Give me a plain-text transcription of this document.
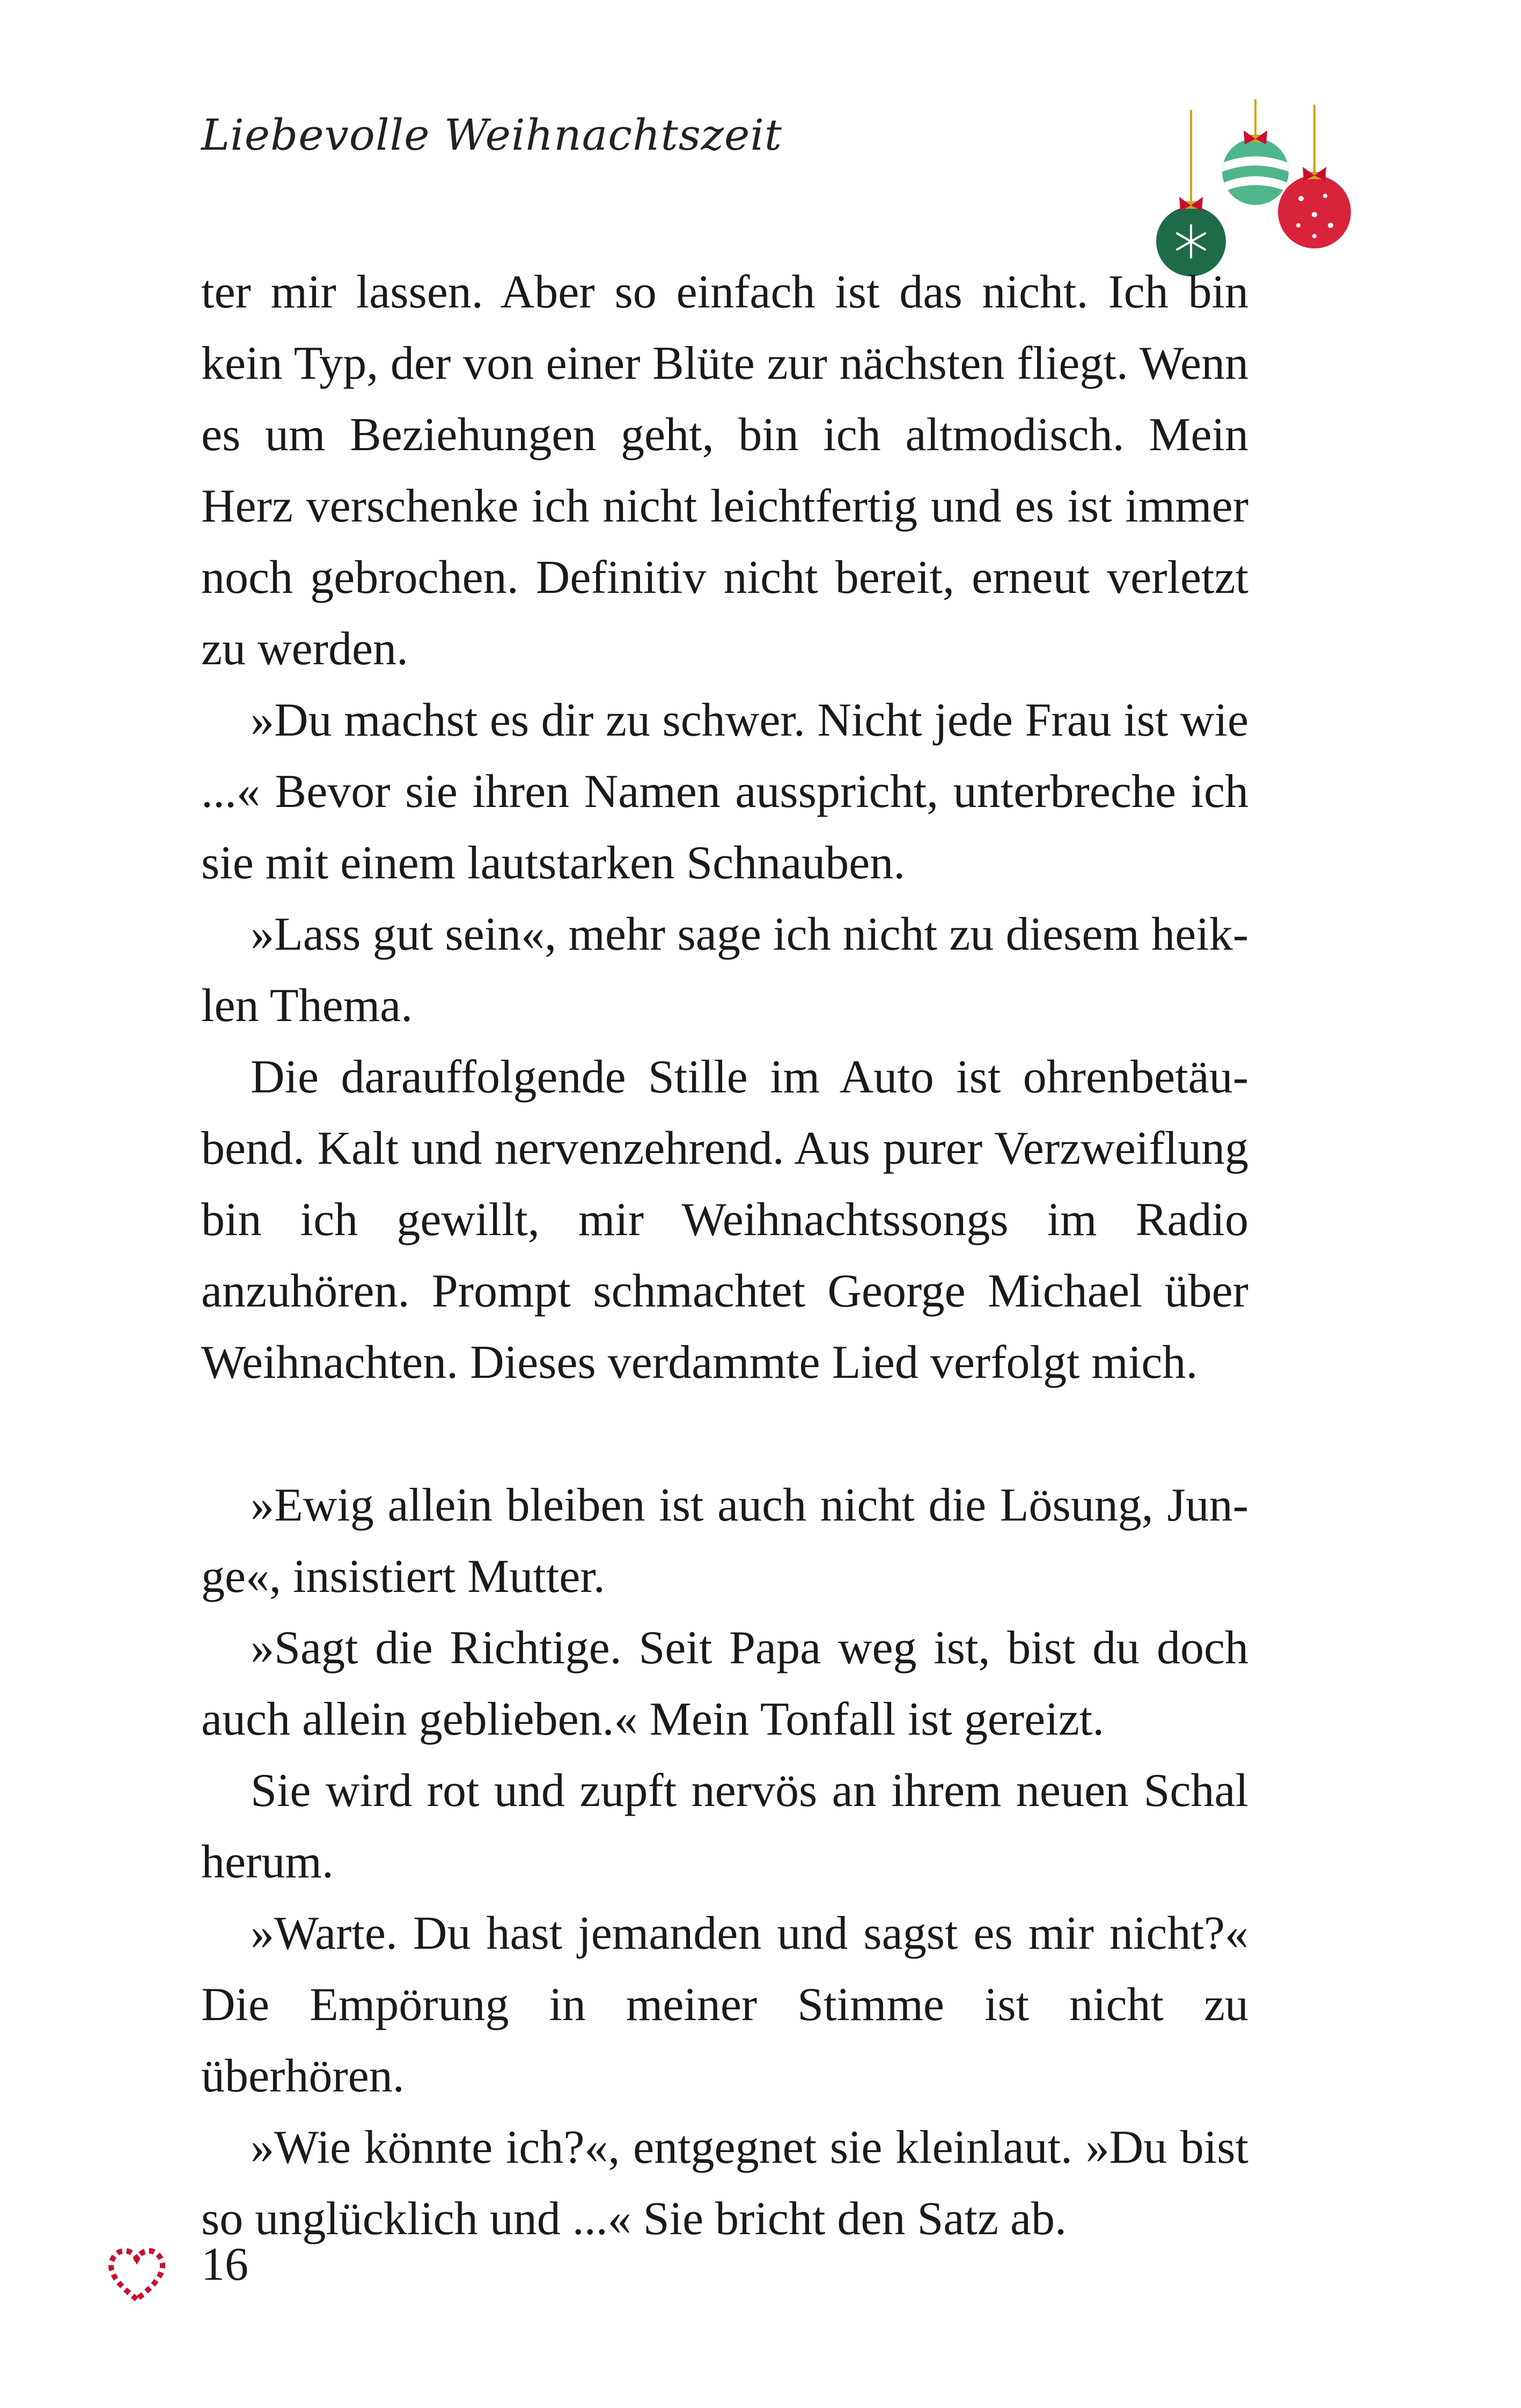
Liebevolle Weihnachtszeit

ter mir lassen. Aber so einfach ist das nicht. Ich bin kein Typ, der von einer Blüte zur nächsten fliegt. Wenn es um Beziehungen geht, bin ich altmodisch. Mein Herz verschenke ich nicht leichtfertig und es ist immer noch gebrochen. Definitiv nicht bereit, erneut verletzt zu werden.

»Du machst es dir zu schwer. Nicht jede Frau ist wie ...« Bevor sie ihren Namen ausspricht, unterbreche ich sie mit einem lautstarken Schnauben.

»Lass gut sein«, mehr sage ich nicht zu diesem heiklen Thema.

Die darauffolgende Stille im Auto ist ohrenbetäubend. Kalt und nervenzehrend. Aus purer Verzweiflung bin ich gewillt, mir Weihnachtssongs im Radio anzuhören. Prompt schmachtet George Michael über Weihnachten. Dieses verdammte Lied verfolgt mich.

»Ewig allein bleiben ist auch nicht die Lösung, Junge«, insistiert Mutter.

»Sagt die Richtige. Seit Papa weg ist, bist du doch auch allein geblieben.« Mein Tonfall ist gereizt.

Sie wird rot und zupft nervös an ihrem neuen Schal herum.

»Warte. Du hast jemanden und sagst es mir nicht?« Die Empörung in meiner Stimme ist nicht zu überhören.

»Wie könnte ich?«, entgegnet sie kleinlaut. »Du bist so unglücklich und ...« Sie bricht den Satz ab.

16
